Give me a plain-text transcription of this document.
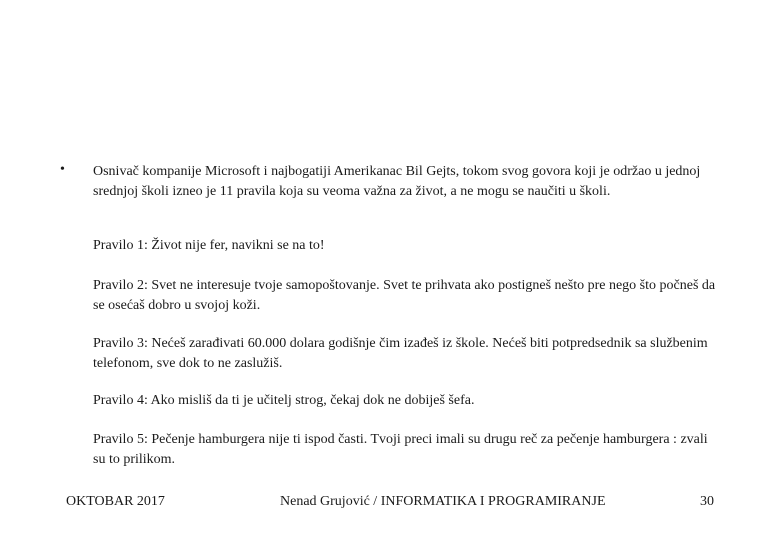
• Osnivač kompanije Microsoft i najbogatiji Amerikanac Bil Gejts, tokom svog govora koji je održao u jednoj srednjoj školi izneo je 11 pravila koja su veoma važna za život, a ne mogu se naučiti u školi.

Pravilo 1: Život nije fer, navikni se na to!

Pravilo 2: Svet ne interesuje tvoje samopoštovanje. Svet te prihvata ako postigneš nešto pre nego što počneš da se osećaš dobro u svojoj koži.

Pravilo 3: Nećeš zarađivati 60.000 dolara godišnje čim izađeš iz škole. Nećeš biti potpredsednik sa službenim telefonom, sve dok to ne zaslužiš.

Pravilo 4: Ako misliš da ti je učitelj strog, čekaj dok ne dobiješ šefa.

Pravilo 5: Pečenje hamburgera nije ti ispod časti. Tvoji preci imali su drugu reč za pečenje hamburgera : zvali su to prilikom.

OKTOBAR 2017	Nenad Grujović / INFORMATIKA I PROGRAMIRANJE	30
